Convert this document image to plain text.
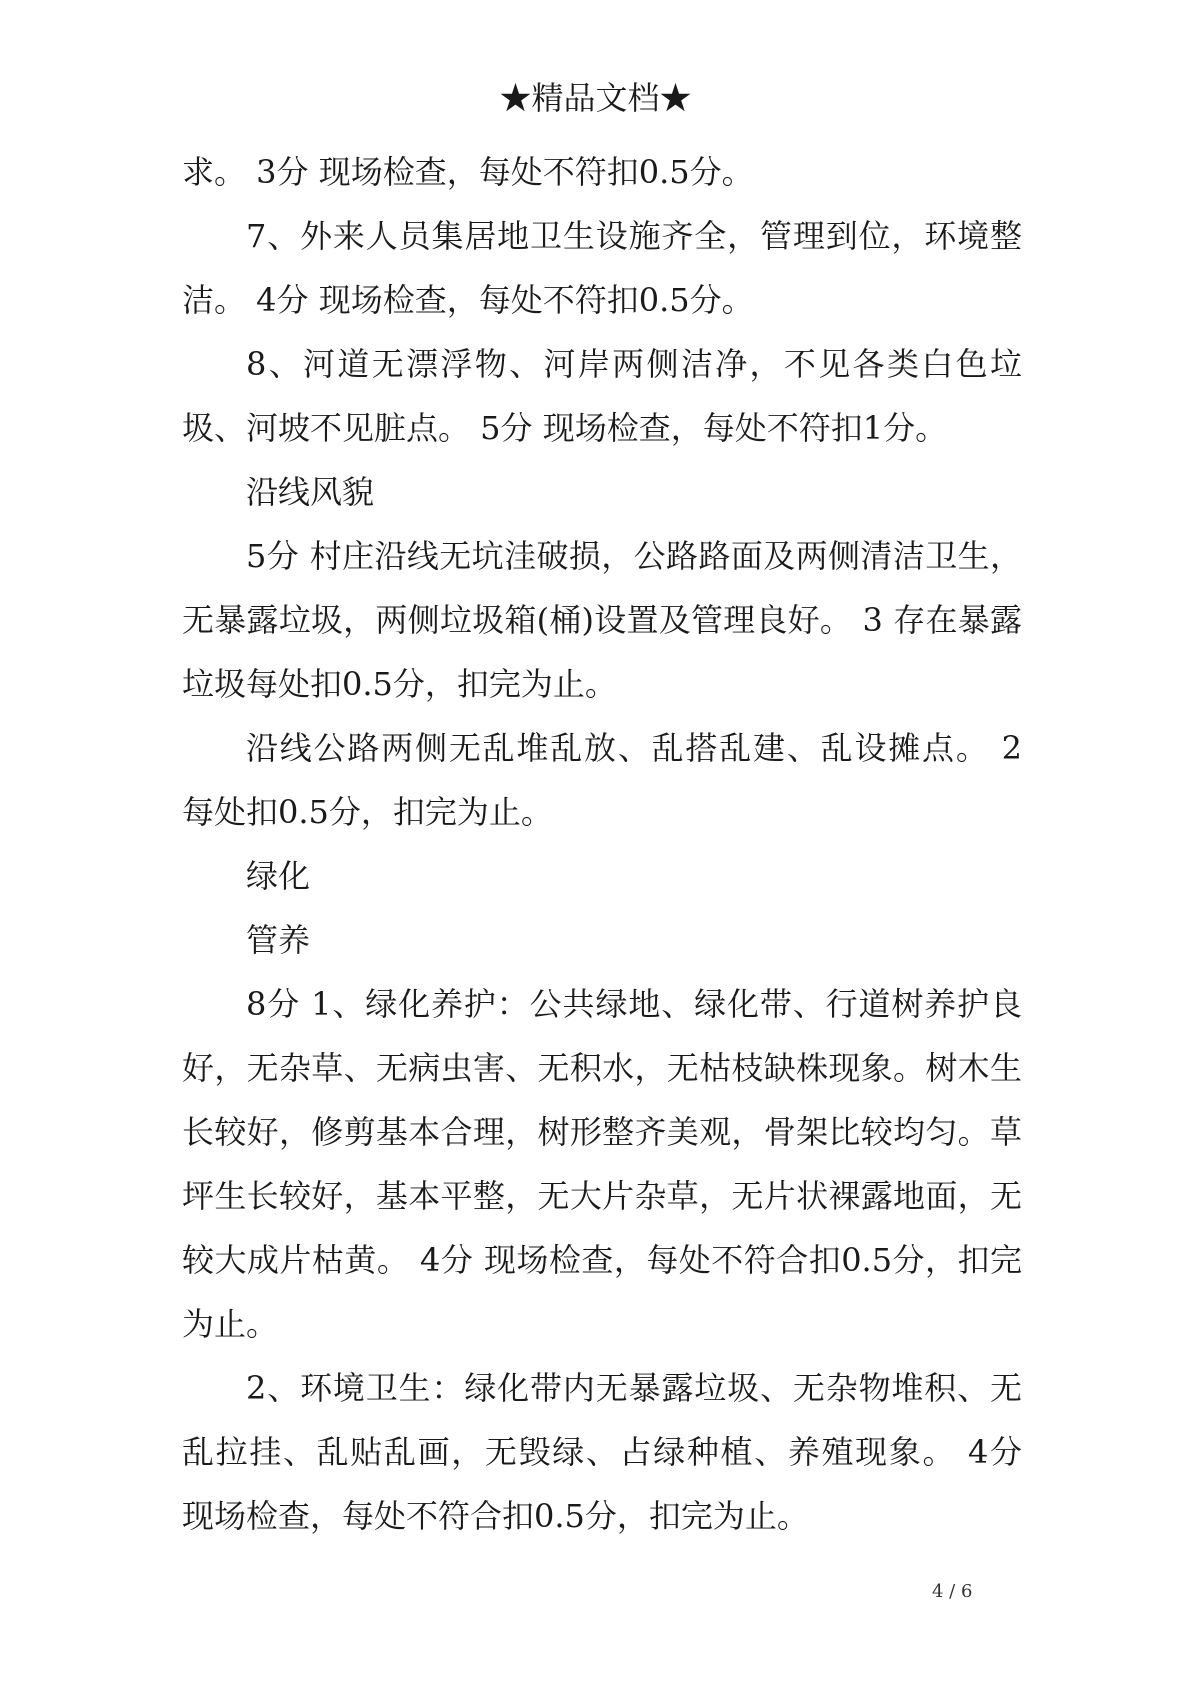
★精品文档★

求。 3分 现场检查，每处不符扣0.5分。

7、外来人员集居地卫生设施齐全，管理到位，环境整洁。 4分 现场检查，每处不符扣0.5分。

8、河道无漂浮物、河岸两侧洁净，不见各类白色垃圾、河坡不见脏点。 5分 现场检查，每处不符扣1分。

沿线风貌

5分 村庄沿线无坑洼破损，公路路面及两侧清洁卫生，无暴露垃圾，两侧垃圾箱(桶)设置及管理良好。 3 存在暴露垃圾每处扣0.5分，扣完为止。

沿线公路两侧无乱堆乱放、乱搭乱建、乱设摊点。 2 每处扣0.5分，扣完为止。

绿化

管养

8分 1、绿化养护：公共绿地、绿化带、行道树养护良好，无杂草、无病虫害、无积水，无枯枝缺株现象。树木生长较好，修剪基本合理，树形整齐美观，骨架比较均匀。草坪生长较好，基本平整，无大片杂草，无片状裸露地面，无较大成片枯黄。 4分 现场检查，每处不符合扣0.5分，扣完为止。

2、环境卫生：绿化带内无暴露垃圾、无杂物堆积、无乱拉挂、乱贴乱画，无毁绿、占绿种植、养殖现象。 4分 现场检查，每处不符合扣0.5分，扣完为止。

4 / 6
